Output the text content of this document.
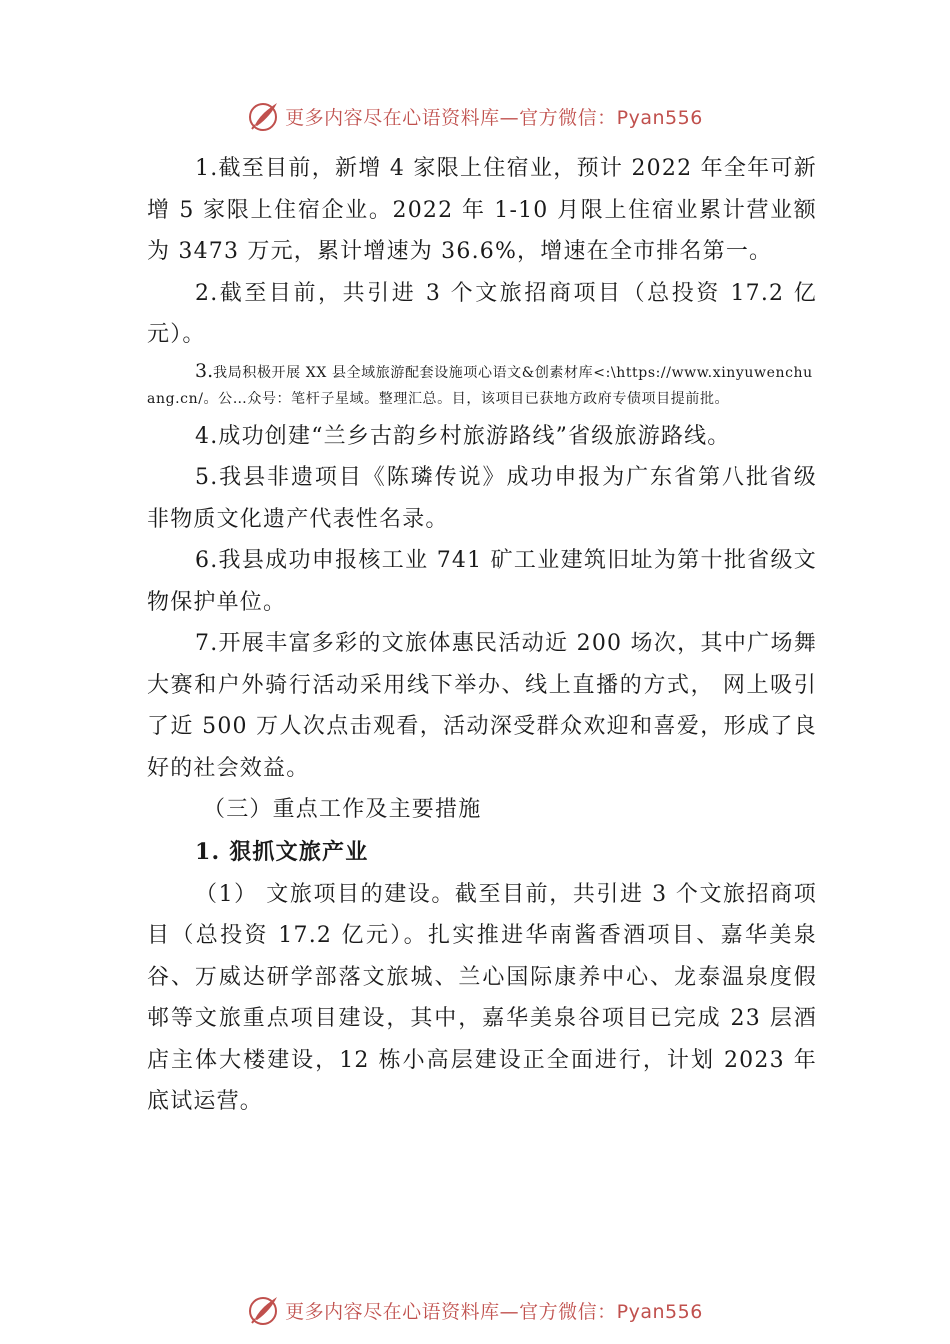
更多内容尽在心语资料库—官方微信：Pyan556

1.截至目前，新增 4 家限上住宿业，预计 2022 年全年可新增 5 家限上住宿企业。2022 年 1-10 月限上住宿业累计营业额为 3473 万元，累计增速为 36.6%，增速在全市排名第一。

2.截至目前，共引进 3 个文旅招商项目（总投资 17.2 亿元）。

3.我局积极开展 XX 县全域旅游配套设施项心语文&创素材库<:\https://www.xinyuwenchuang.cn/。公…众号：笔杆子星域。整理汇总。目，该项目已获地方政府专债项目提前批。

4.成功创建“兰乡古韵乡村旅游路线”省级旅游路线。

5.我县非遗项目《陈璘传说》成功申报为广东省第八批省级非物质文化遗产代表性名录。

6.我县成功申报核工业 741 矿工业建筑旧址为第十批省级文物保护单位。

7.开展丰富多彩的文旅体惠民活动近 200 场次，其中广场舞大赛和户外骑行活动采用线下举办、线上直播的方式， 网上吸引了近 500 万人次点击观看，活动深受群众欢迎和喜爱，形成了良好的社会效益。

（三）重点工作及主要措施

1. 狠抓文旅产业

（1） 文旅项目的建设。截至目前，共引进 3 个文旅招商项目（总投资 17.2 亿元）。扎实推进华南酱香酒项目、嘉华美泉谷、万威达研学部落文旅城、兰心国际康养中心、龙泰温泉度假邨等文旅重点项目建设，其中，嘉华美泉谷项目已完成 23 层酒店主体大楼建设，12 栋小高层建设正全面进行，计划 2023 年底试运营。

更多内容尽在心语资料库—官方微信：Pyan556
